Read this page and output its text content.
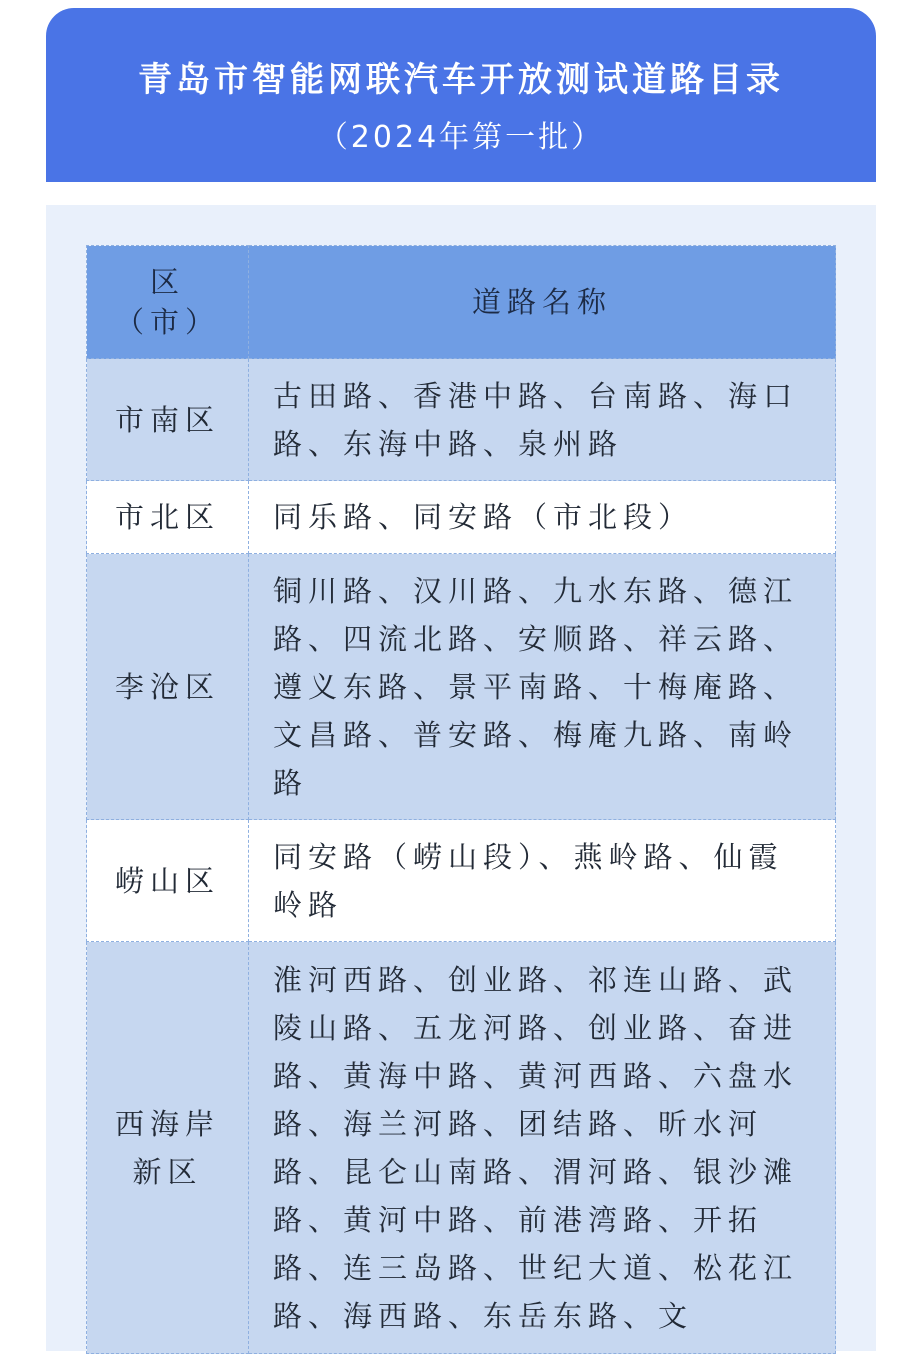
青岛市智能网联汽车开放测试道路目录
（2024年第一批）
区
（市）	道路名称
市南区	古田路、香港中路、台南路、海口路、东海中路、泉州路
市北区	同乐路、同安路（市北段）
李沧区	铜川路、汉川路、九水东路、德江路、四流北路、安顺路、祥云路、遵义东路、景平南路、十梅庵路、文昌路、普安路、梅庵九路、南岭路
崂山区	同安路（崂山段）、燕岭路、仙霞岭路
西海岸
新区	淮河西路、创业路、祁连山路、武陵山路、五龙河路、创业路、奋进路、黄海中路、黄河西路、六盘水路、海兰河路、团结路、昕水河路、昆仑山南路、渭河路、银沙滩路、黄河中路、前港湾路、开拓路、连三岛路、世纪大道、松花江路、海西路、东岳东路、文
